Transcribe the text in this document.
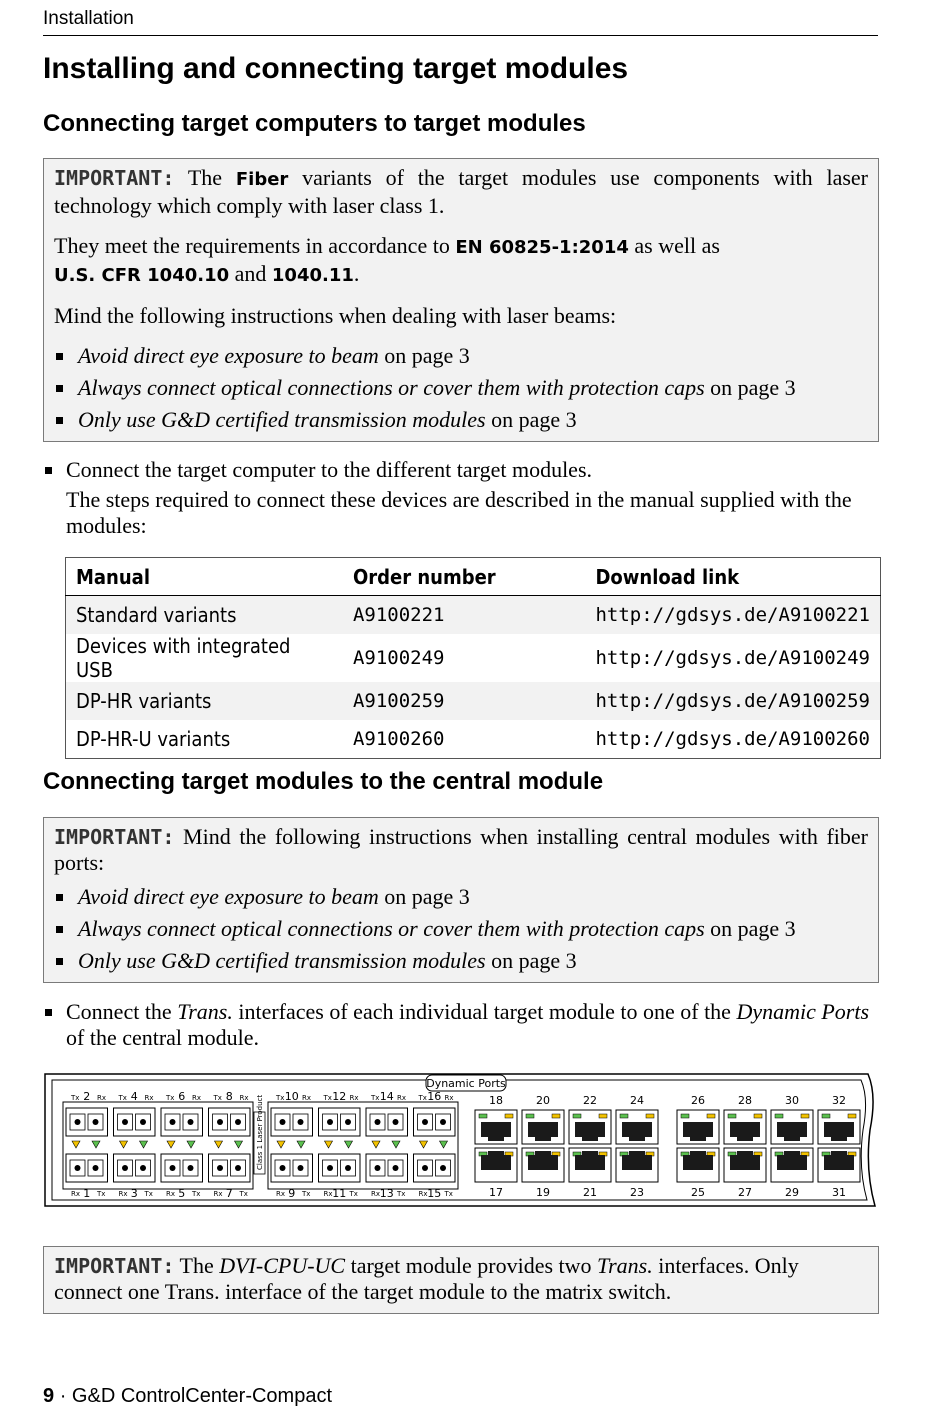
Installation
Installing and connecting target modules
Connecting target computers to target modules

IMPORTANT: The Fiber variants of the target modules use components with laser technology which comply with laser class 1.

They meet the requirements in accordance to EN 60825-1:2014 as well as
U.S. CFR 1040.10 and 1040.11.

Mind the following instructions when dealing with laser beams:

Avoid direct eye exposure to beam on page 3
Always connect optical connections or cover them with protection caps on page 3
Only use G&D certified transmission modules on page 3

Connect the target computer to the different target modules.

The steps required to connect these devices are described in the manual supplied with the modules:

Manual	Order number	Download link
Standard variants	A9100221	http://gdsys.de/A9100221
Devices with integrated USB	A9100249	http://gdsys.de/A9100249
DP-HR variants	A9100259	http://gdsys.de/A9100259
DP-HR-U variants	A9100260	http://gdsys.de/A9100260
Connecting target modules to the central module

IMPORTANT: Mind the following instructions when installing central modules with fiber ports:

Avoid direct eye exposure to beam on page 3
Always connect optical connections or cover them with protection caps on page 3
Only use G&D certified transmission modules on page 3
Connect the Trans. interfaces of each individual target module to one of the Dynamic Ports of the central module.
Class 1 Laser Product
Dynamic Ports
Tx 2 Rx
Rx 1 Tx
Tx 4 Rx
Rx 3 Tx
Tx 6 Rx
Rx 5 Tx
Tx 8 Rx
Rx 7 Tx
Tx 10 Rx
Rx 9 Tx
Tx 12 Rx
Rx 11 Tx
Tx 14 Rx
Rx 13 Tx
Tx 16 Rx
Rx 15 Tx
18
17
20
19
22
21
24
23
26
25
28
27
30
29
32
31

IMPORTANT: The DVI-CPU-UC target module provides two Trans. interfaces. Only connect one Trans. interface of the target module to the matrix switch.

9 · G&D ControlCenter-Compact
